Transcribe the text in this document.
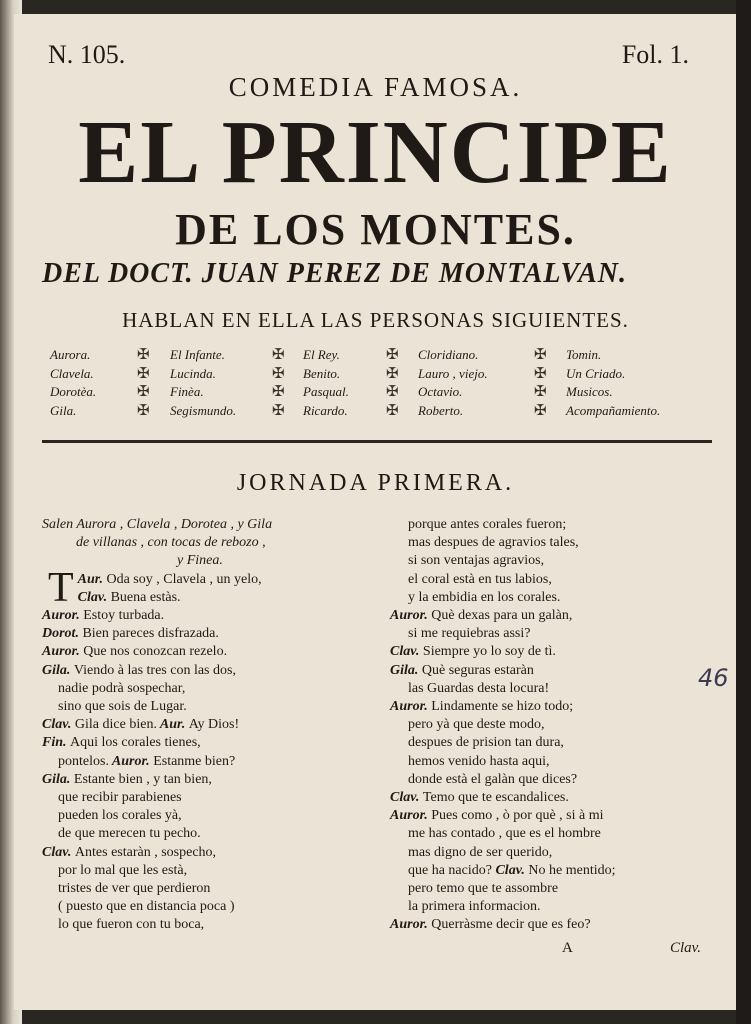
N. 105.	Fol. 1.
COMEDIA FAMOSA.
EL PRINCIPE
DE LOS MONTES.
DEL DOCT. JUAN PEREZ DE MONTALVAN.
HABLAN EN ELLA LAS PERSONAS SIGUIENTES.
Aurora.
Clavela.
Dorotèa.
Gila.
El Infante.
Lucinda.
Finèa.
Segismundo.
El Rey.
Benito.
Pasqual.
Ricardo.
Cloridiano.
Lauro , viejo.
Octavio.
Roberto.
Tomin.
Un Criado.
Musicos.
Acompañamiento.
✠
✠
✠
✠
✠
✠
✠
✠
✠
✠
✠
✠
✠
✠
✠
✠
JORNADA PRIMERA.
Salen Aurora , Clavela , Dorotea , y Gila
de villanas , con tocas de rebozo ,
y Finea.
Aur.
T Oda soy , Clavela , un yelo,
Clav. Buena estàs.
Auror. Estoy turbada.
Dorot. Bien pareces disfrazada.
Auror. Que nos conozcan rezelo.
Gila. Viendo à las tres con las dos,
nadie podrà sospechar,
sino que sois de Lugar.
Clav. Gila dice bien. Aur. Ay Dios!
Fin. Aqui los corales tienes,
pontelos. Auror. Estanme bien?
Gila. Estante bien , y tan bien,
que recibir parabienes
pueden los corales yà,
de que merecen tu pecho.
Clav. Antes estaràn , sospecho,
por lo mal que les està,
tristes de ver que perdieron
( puesto que en distancia poca )
lo que fueron con tu boca,
porque antes corales fueron;
mas despues de agravios tales,
si son ventajas agravios,
el coral està en tus labios,
y la embidia en los corales.
Auror. Què dexas para un galàn,
si me requiebras assi?
Clav. Siempre yo lo soy de tì.
Gila. Què seguras estaràn
las Guardas desta locura!
Auror. Lindamente se hizo todo;
pero yà que deste modo,
despues de prision tan dura,
hemos venido hasta aqui,
donde està el galàn que dices?
Clav. Temo que te escandalices.
Auror. Pues como , ò por què , si à mi
me has contado , que es el hombre
mas digno de ser querido,
que ha nacido? Clav. No he mentido;
pero temo que te assombre
la primera informacion.
Auror. Querràsme decir que es feo?
A	Clav.
46
